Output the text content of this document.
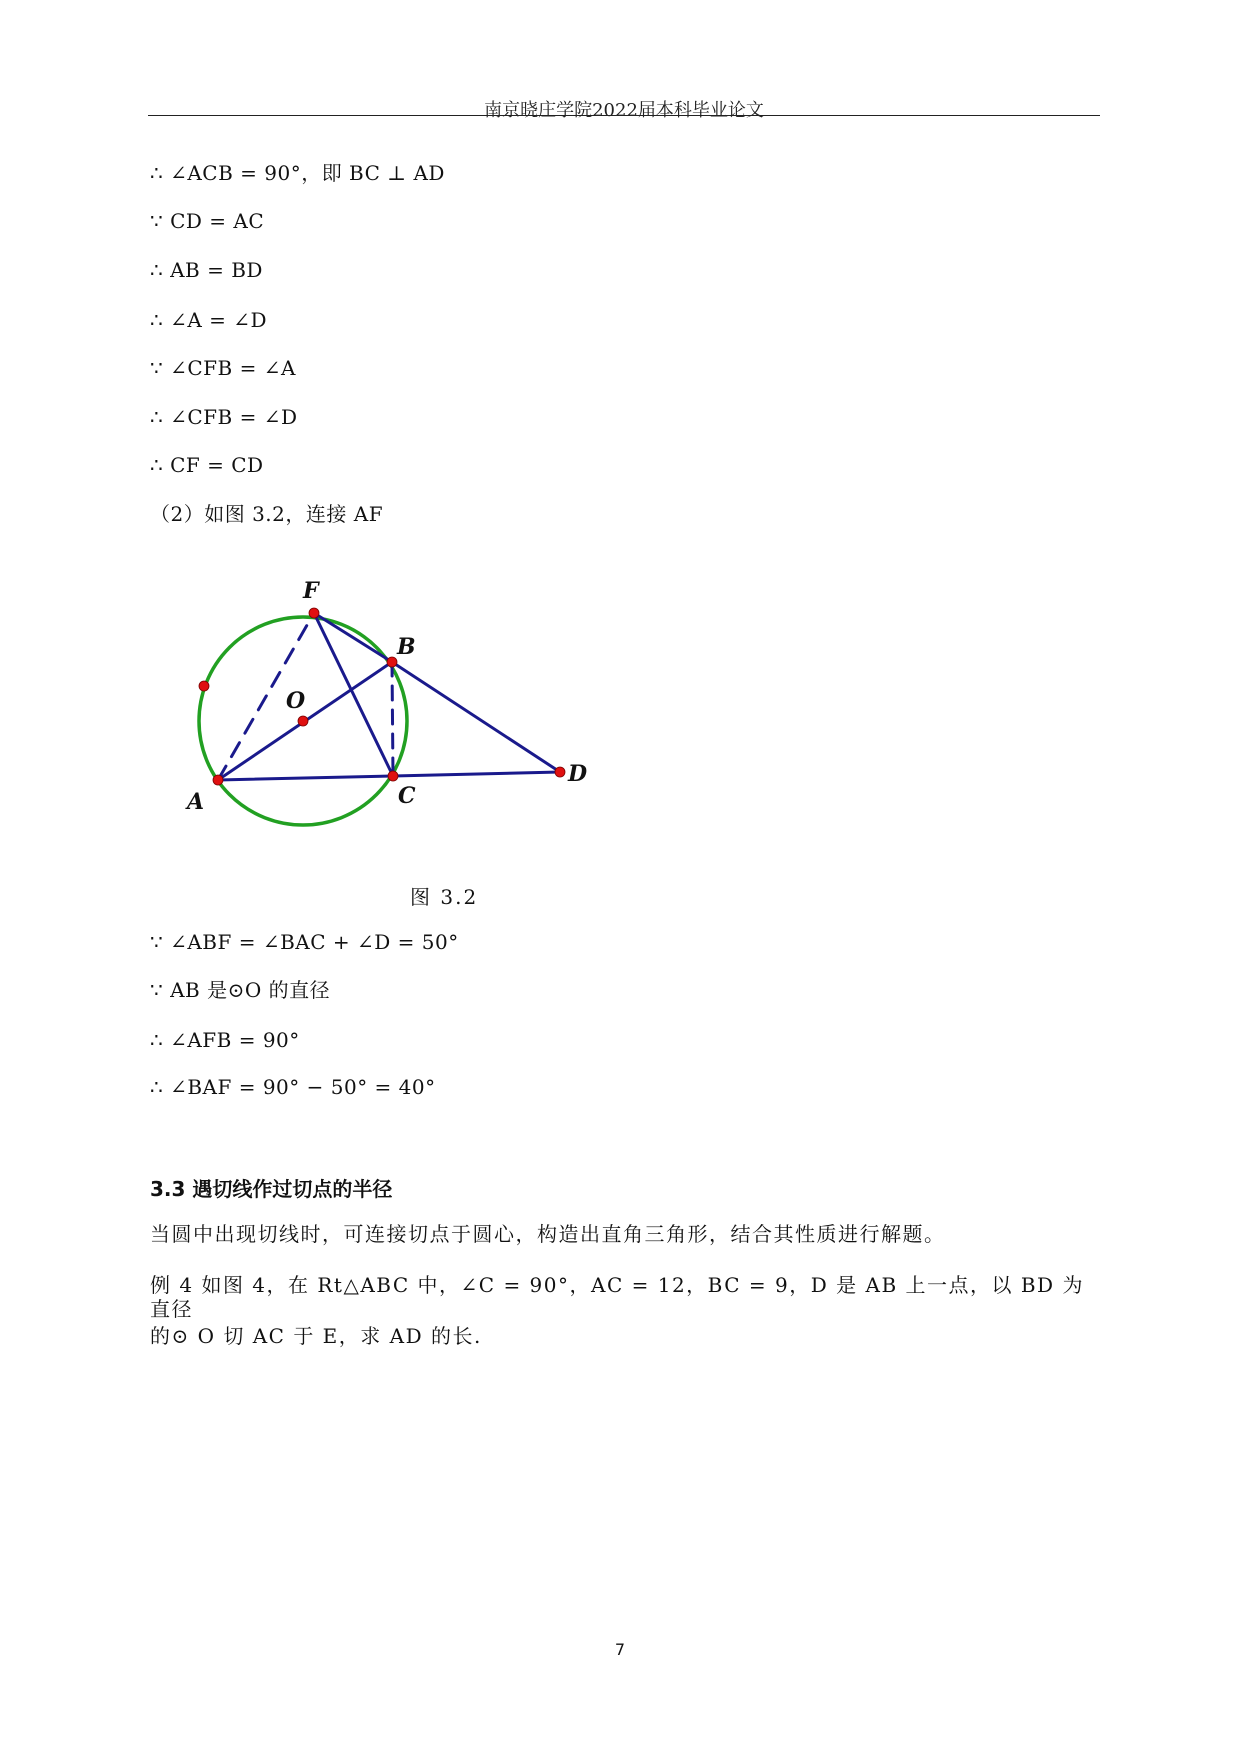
南京晓庄学院2022届本科毕业论文
∴ ∠ACB = 90°，即 BC ⊥ AD
∵ CD = AC
∴ AB = BD
∴ ∠A = ∠D
∵ ∠CFB = ∠A
∴ ∠CFB = ∠D
∴ CF = CD
（2）如图 3.2，连接 AF
F
B
O
A	C
D
图 3.2
∵ ∠ABF = ∠BAC + ∠D = 50°
∵ AB 是⊙O 的直径
∴ ∠AFB = 90°
∴ ∠BAF = 90° − 50° = 40°
3.3 遇切线作过切点的半径
当圆中出现切线时，可连接切点于圆心，构造出直角三角形，结合其性质进行解题。
例 4 如图 4，在 Rt△ABC 中，∠C = 90°，AC = 12，BC = 9，D 是 AB 上一点，以 BD 为直径
的⊙ O 切 AC 于 E，求 AD 的长.
7
